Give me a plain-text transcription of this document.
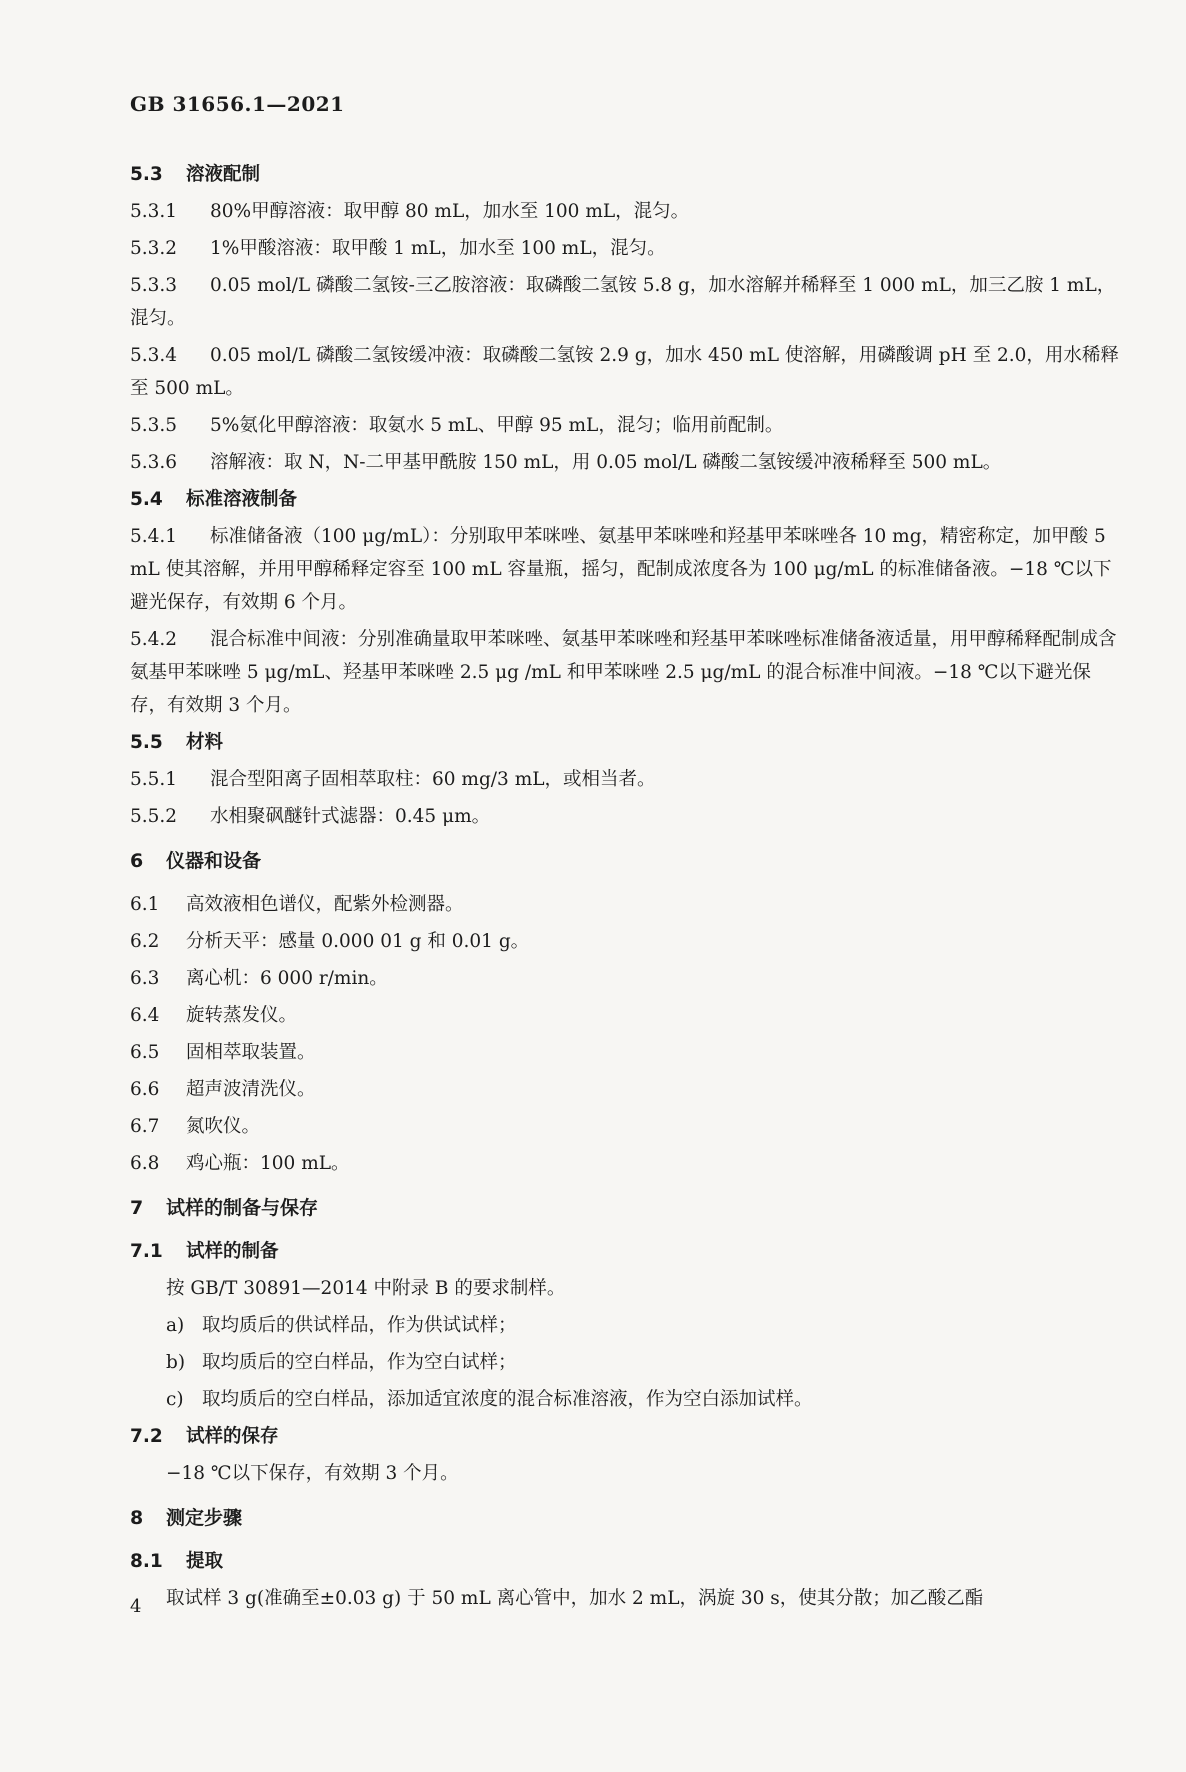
GB 31656.1—2021
5.3 溶液配制
5.3.1 80%甲醇溶液：取甲醇 80 mL，加水至 100 mL，混匀。
5.3.2 1%甲酸溶液：取甲酸 1 mL，加水至 100 mL，混匀。
5.3.3 0.05 mol/L 磷酸二氢铵-三乙胺溶液：取磷酸二氢铵 5.8 g，加水溶解并稀释至 1 000 mL，加三乙胺 1 mL，混匀。
5.3.4 0.05 mol/L 磷酸二氢铵缓冲液：取磷酸二氢铵 2.9 g，加水 450 mL 使溶解，用磷酸调 pH 至 2.0，用水稀释至 500 mL。
5.3.5 5%氨化甲醇溶液：取氨水 5 mL、甲醇 95 mL，混匀；临用前配制。
5.3.6 溶解液：取 N，N-二甲基甲酰胺 150 mL，用 0.05 mol/L 磷酸二氢铵缓冲液稀释至 500 mL。
5.4 标准溶液制备
5.4.1 标准储备液（100 μg/mL）：分别取甲苯咪唑、氨基甲苯咪唑和羟基甲苯咪唑各 10 mg，精密称定，加甲酸 5 mL 使其溶解，并用甲醇稀释定容至 100 mL 容量瓶，摇匀，配制成浓度各为 100 μg/mL 的标准储备液。−18 ℃以下避光保存，有效期 6 个月。
5.4.2 混合标准中间液：分别准确量取甲苯咪唑、氨基甲苯咪唑和羟基甲苯咪唑标准储备液适量，用甲醇稀释配制成含氨基甲苯咪唑 5 μg/mL、羟基甲苯咪唑 2.5 μg /mL 和甲苯咪唑 2.5 μg/mL 的混合标准中间液。−18 ℃以下避光保存，有效期 3 个月。
5.5 材料
5.5.1 混合型阳离子固相萃取柱：60 mg/3 mL，或相当者。
5.5.2 水相聚砜醚针式滤器：0.45 μm。
6 仪器和设备
6.1 高效液相色谱仪，配紫外检测器。
6.2 分析天平：感量 0.000 01 g 和 0.01 g。
6.3 离心机：6 000 r/min。
6.4 旋转蒸发仪。
6.5 固相萃取装置。
6.6 超声波清洗仪。
6.7 氮吹仪。
6.8 鸡心瓶：100 mL。
7 试样的制备与保存
7.1 试样的制备
按 GB/T 30891—2014 中附录 B 的要求制样。
a) 取均质后的供试样品，作为供试试样；
b) 取均质后的空白样品，作为空白试样；
c) 取均质后的空白样品，添加适宜浓度的混合标准溶液，作为空白添加试样。
7.2 试样的保存
−18 ℃以下保存，有效期 3 个月。
8 测定步骤
8.1 提取
取试样 3 g(准确至±0.03 g) 于 50 mL 离心管中，加水 2 mL，涡旋 30 s，使其分散；加乙酸乙酯
4
